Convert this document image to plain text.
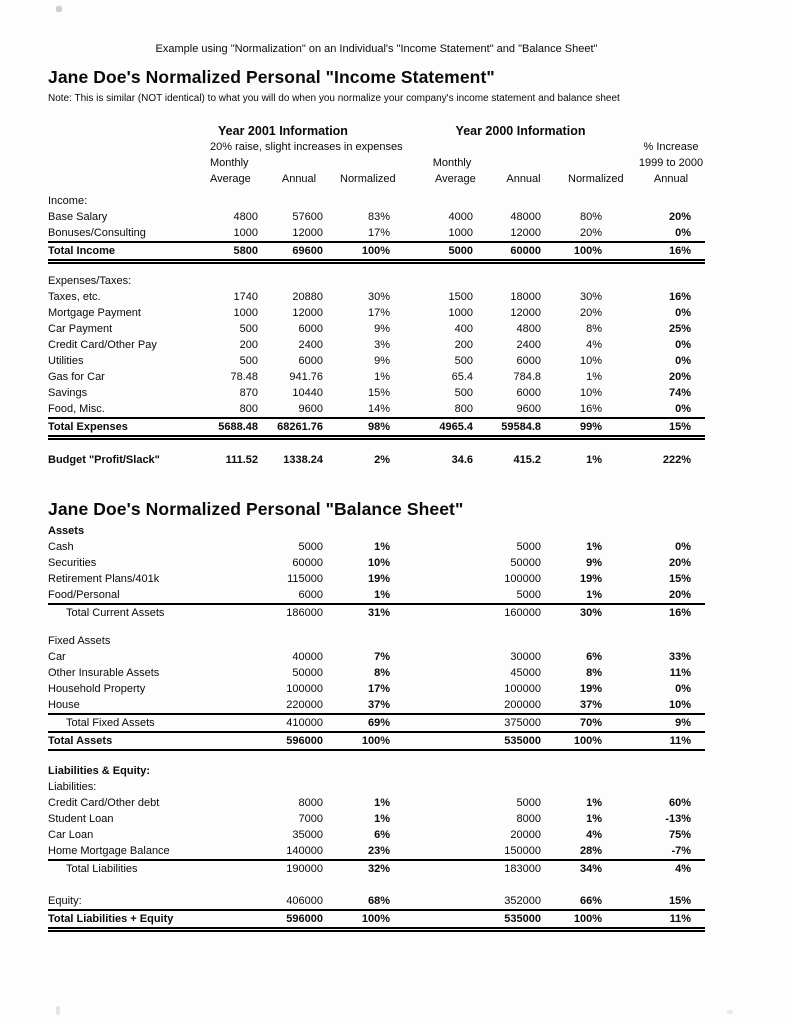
Example using "Normalization" on an Individual's "Income Statement" and "Balance Sheet"
Jane Doe's Normalized Personal "Income Statement"
Note: This is similar (NOT identical) to what you will do when you normalize your company's income statement and balance sheet
	Year 2001 Information			Year 2000 Information			
	20% raise, slight increases in expenses						% Increase
	Monthly			Monthly			1999 to 2000
	Average	Annual	Normalized	Average	Annual	Normalized	Annual
Income:							
Base Salary	4800	57600	83%	4000	48000	80%	20%
Bonuses/Consulting	1000	12000	17%	1000	12000	20%	0%
Total Income	5800	69600	100%	5000	60000	100%	16%

Expenses/Taxes:							
Taxes, etc.	1740	20880	30%	1500	18000	30%	16%
Mortgage Payment	1000	12000	17%	1000	12000	20%	0%
Car Payment	500	6000	9%	400	4800	8%	25%
Credit Card/Other Pay	200	2400	3%	200	2400	4%	0%
Utilities	500	6000	9%	500	6000	10%	0%
Gas for Car	78.48	941.76	1%	65.4	784.8	1%	20%
Savings	870	10440	15%	500	6000	10%	74%
Food, Misc.	800	9600	14%	800	9600	16%	0%
Total Expenses	5688.48	68261.76	98%	4965.4	59584.8	99%	15%

Budget "Profit/Slack"	111.52	1338.24	2%	34.6	415.2	1%	222%
Jane Doe's Normalized Personal "Balance Sheet"
Assets							
Cash		5000	1%		5000	1%	0%
Securities		60000	10%		50000	9%	20%
Retirement Plans/401k		115000	19%		100000	19%	15%
Food/Personal		6000	1%		5000	1%	20%
Total Current Assets		186000	31%		160000	30%	16%

Fixed Assets							
Car		40000	7%		30000	6%	33%
Other Insurable Assets		50000	8%		45000	8%	11%
Household Property		100000	17%		100000	19%	0%
House		220000	37%		200000	37%	10%
Total Fixed Assets		410000	69%		375000	70%	9%
Total Assets		596000	100%		535000	100%	11%

Liabilities & Equity:							
Liabilities:							
Credit Card/Other debt		8000	1%		5000	1%	60%
Student Loan		7000	1%		8000	1%	-13%
Car Loan		35000	6%		20000	4%	75%
Home Mortgage Balance		140000	23%		150000	28%	-7%
Total Liabilities		190000	32%		183000	34%	4%

Equity:		406000	68%		352000	66%	15%
Total Liabilities + Equity		596000	100%		535000	100%	11%
